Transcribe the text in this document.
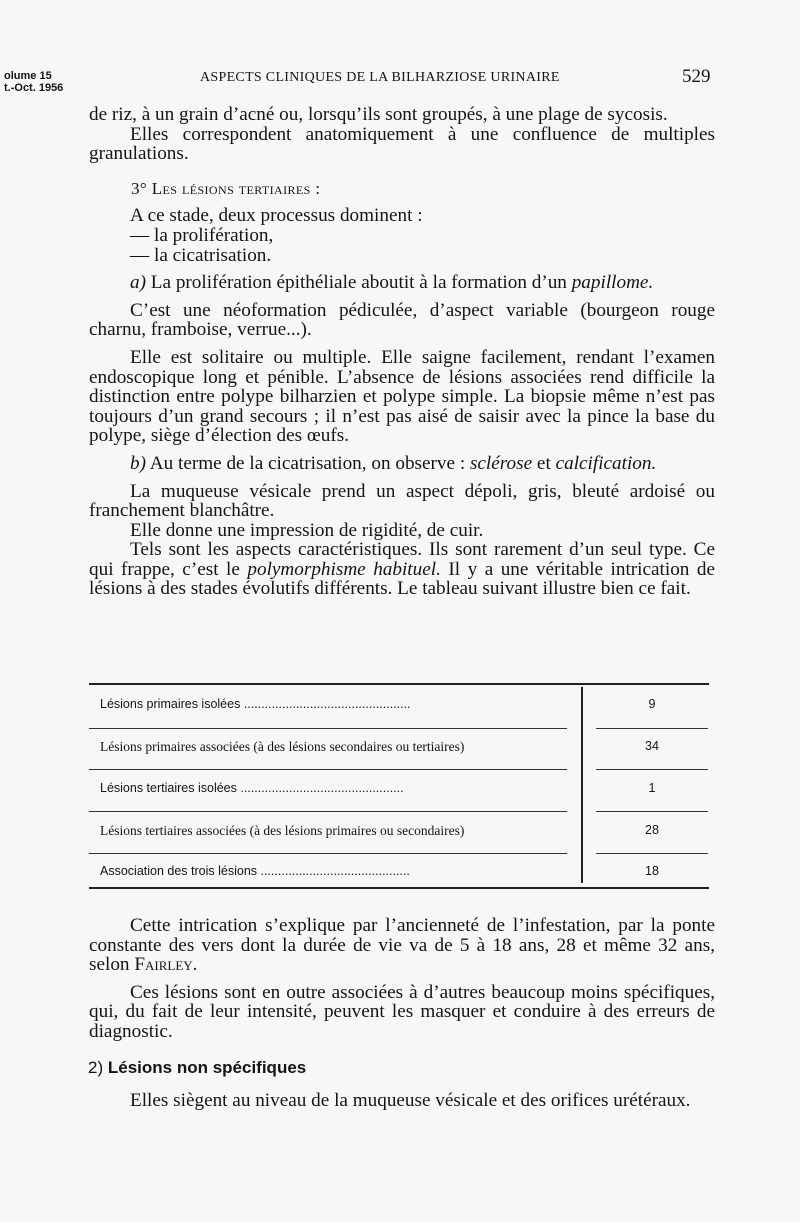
olume 15
t.-Oct. 1956
ASPECTS CLINIQUES DE LA BILHARZIOSE URINAIRE	529

de riz, à un grain d’acné ou, lorsqu’ils sont groupés, à une plage de sycosis.

Elles correspondent anatomiquement à une confluence de multiples granulations.

3° Les lésions tertiaires :

A ce stade, deux processus dominent :

— la prolifération,

— la cicatrisation.

a) La prolifération épithéliale aboutit à la formation d’un papillome.

C’est une néoformation pédiculée, d’aspect variable (bourgeon rouge charnu, framboise, verrue...).

Elle est solitaire ou multiple. Elle saigne facilement, rendant l’examen endoscopique long et pénible. L’absence de lésions associées rend difficile la distinction entre polype bilharzien et polype simple. La biopsie même n’est pas toujours d’un grand secours ; il n’est pas aisé de saisir avec la pince la base du polype, siège d’élection des œufs.

b) Au terme de la cicatrisation, on observe : sclérose et calcification.

La muqueuse vésicale prend un aspect dépoli, gris, bleuté ardoisé ou franchement blanchâtre.

Elle donne une impression de rigidité, de cuir.

Tels sont les aspects caractéristiques. Ils sont rarement d’un seul type. Ce qui frappe, c’est le polymorphisme habituel. Il y a une véritable intrication de lésions à des stades évolutifs différents. Le tableau suivant illustre bien ce fait.

Lésions primaires isolées ................................................	9
Lésions primaires associées (à des lésions secondaires ou tertiaires)	34
Lésions tertiaires isolées ...............................................	1
Lésions tertiaires associées (à des lésions primaires ou secondaires)	28
Association des trois lésions ...........................................	18

Cette intrication s’explique par l’ancienneté de l’infestation, par la ponte constante des vers dont la durée de vie va de 5 à 18 ans, 28 et même 32 ans, selon Fairley.

Ces lésions sont en outre associées à d’autres beaucoup moins spécifiques, qui, du fait de leur intensité, peuvent les masquer et conduire à des erreurs de diagnostic.

2) Lésions non spécifiques

Elles siègent au niveau de la muqueuse vésicale et des orifices urétéraux.
